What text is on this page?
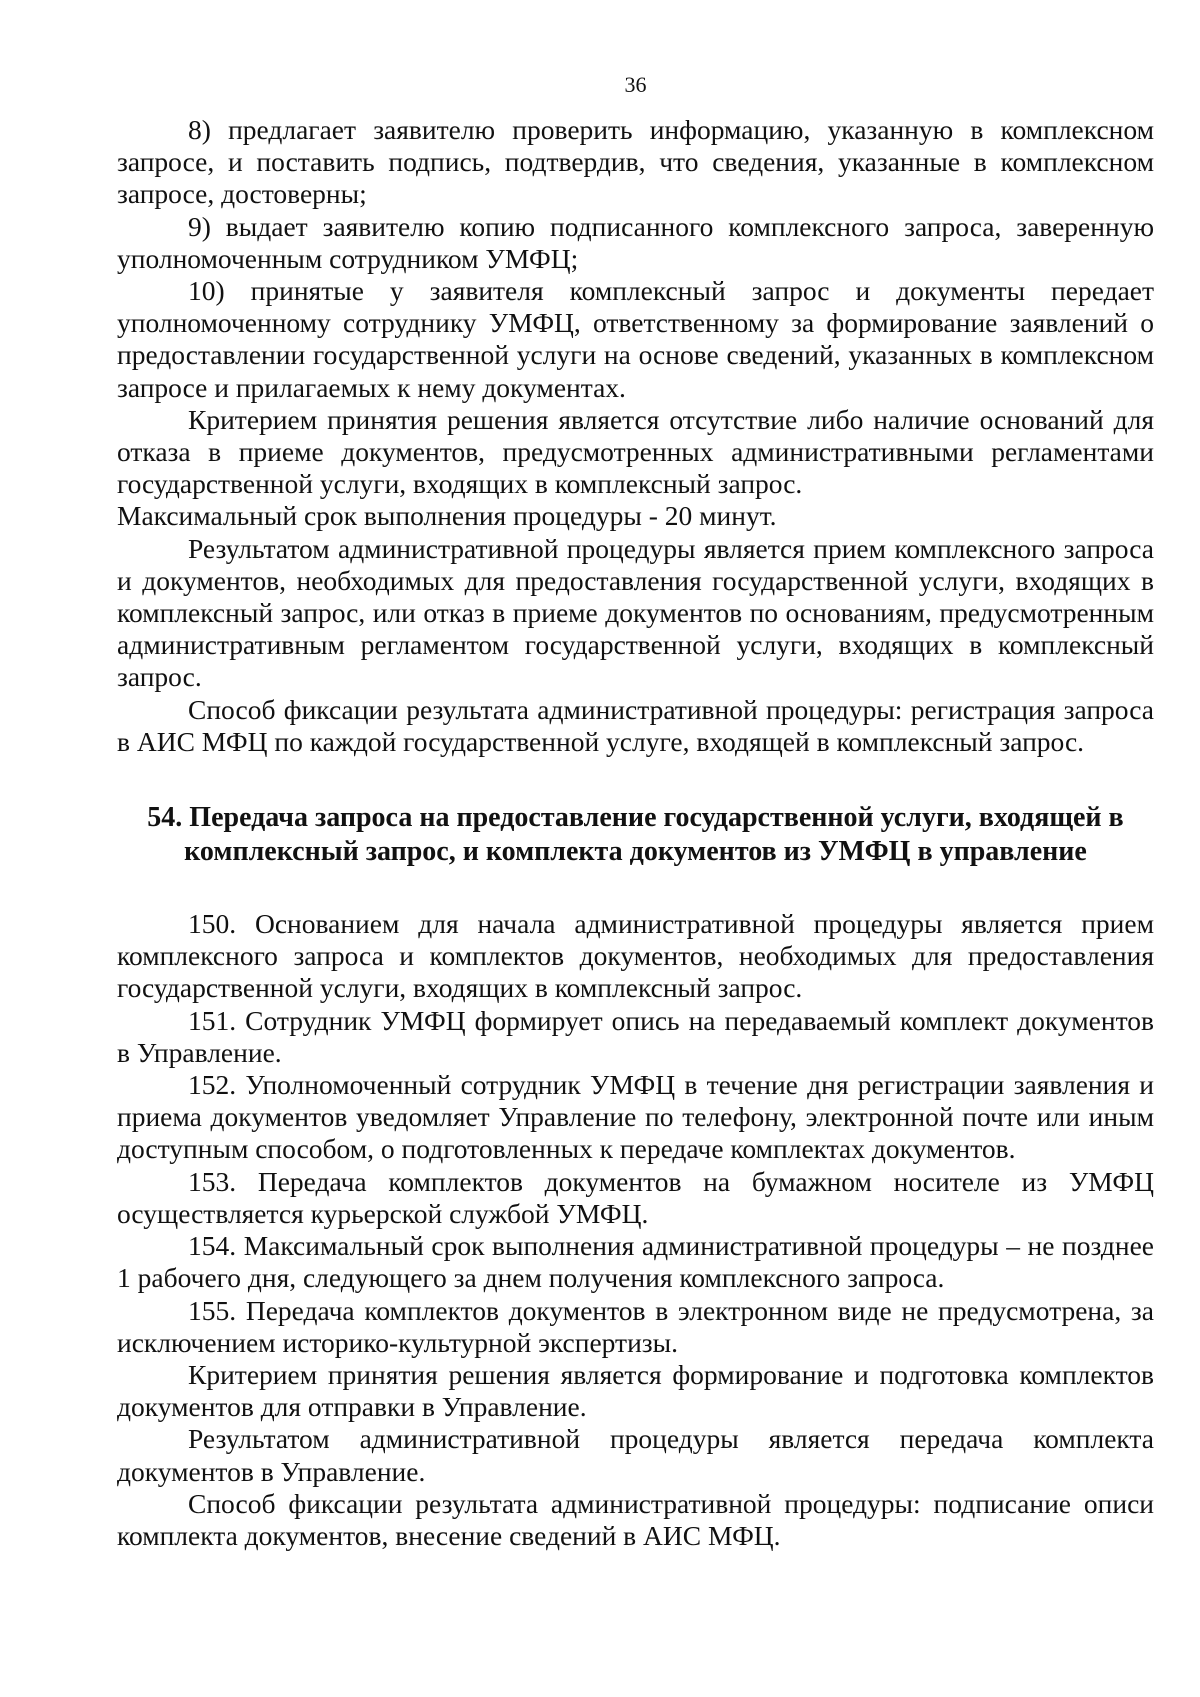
36

8) предлагает заявителю проверить информацию, указанную в комплексном запросе, и поставить подпись, подтвердив, что сведения, указанные в комплексном запросе, достоверны;

9) выдает заявителю копию подписанного комплексного запроса, заверенную уполномоченным сотрудником УМФЦ;

10) принятые у заявителя комплексный запрос и документы передает уполномоченному сотруднику УМФЦ, ответственному за формирование заявлений о предоставлении государственной услуги на основе сведений, указанных в комплексном запросе и прилагаемых к нему документах.

Критерием принятия решения является отсутствие либо наличие оснований для отказа в приеме документов, предусмотренных административными регламентами государственной услуги, входящих в комплексный запрос.

Максимальный срок выполнения процедуры - 20 минут.

Результатом административной процедуры является прием комплексного запроса и документов, необходимых для предоставления государственной услуги, входящих в комплексный запрос, или отказ в приеме документов по основаниям, предусмотренным административным регламентом государственной услуги, входящих в комплексный запрос.

Способ фиксации результата административной процедуры: регистрация запроса в АИС МФЦ по каждой государственной услуге, входящей в комплексный запрос.

54. Передача запроса на предоставление государственной услуги, входящей в комплексный запрос, и комплекта документов из УМФЦ в управление

150. Основанием для начала административной процедуры является прием комплексного запроса и комплектов документов, необходимых для предоставления государственной услуги, входящих в комплексный запрос.

151. Сотрудник УМФЦ формирует опись на передаваемый комплект документов в Управление.

152. Уполномоченный сотрудник УМФЦ в течение дня регистрации заявления и приема документов уведомляет Управление по телефону, электронной почте или иным доступным способом, о подготовленных к передаче комплектах документов.

153. Передача комплектов документов на бумажном носителе из УМФЦ осуществляется курьерской службой УМФЦ.

154. Максимальный срок выполнения административной процедуры – не позднее 1 рабочего дня, следующего за днем получения комплексного запроса.

155. Передача комплектов документов в электронном виде не предусмотрена, за исключением историко-культурной экспертизы.

Критерием принятия решения является формирование и подготовка комплектов документов для отправки в Управление.

Результатом административной процедуры является передача комплекта документов в Управление.

Способ фиксации результата административной процедуры: подписание описи комплекта документов, внесение сведений в АИС МФЦ.
